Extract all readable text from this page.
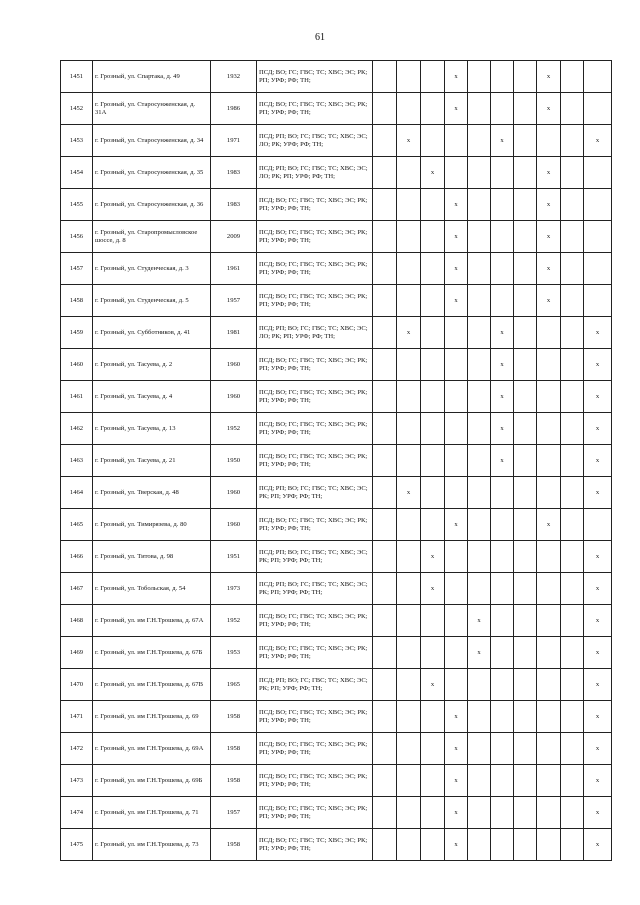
61
1451	г. Грозный, ул. Спартака, д. 49	1932	ПСД; ВО; ГС; ГВС; ТС; ХВС; ЭС; РК; РП; УРФ; РФ; ТН;				x				x		
1452	г. Грозный, ул. Старосунженская, д. 31А	1986	ПСД; ВО; ГС; ГВС; ТС; ХВС; ЭС; РК; РП; УРФ; РФ; ТН;				x				x		
1453	г. Грозный, ул. Старосунженская, д. 34	1971	ПСД; РП; ВО; ГС; ГВС; ТС; ХВС; ЭС; ЛО; РК; УРФ; РФ; ТН;		x				x				x
1454	г. Грозный, ул. Старосунженская, д. 35	1983	ПСД; РП; ВО; ГС; ГВС; ТС; ХВС; ЭС; ЛО; РК; РП; УРФ; РФ; ТН;			x					x		
1455	г. Грозный, ул. Старосунженская, д. 36	1983	ПСД; ВО; ГС; ГВС; ТС; ХВС; ЭС; РК; РП; УРФ; РФ; ТН;				x				x		
1456	г. Грозный, ул. Старопромысловское шоссе, д. 8	2009	ПСД; ВО; ГС; ГВС; ТС; ХВС; ЭС; РК; РП; УРФ; РФ; ТН;				x				x		
1457	г. Грозный, ул. Студенческая, д. 3	1961	ПСД; ВО; ГС; ГВС; ТС; ХВС; ЭС; РК; РП; УРФ; РФ; ТН;				x				x		
1458	г. Грозный, ул. Студенческая, д. 5	1957	ПСД; ВО; ГС; ГВС; ТС; ХВС; ЭС; РК; РП; УРФ; РФ; ТН;				x				x		
1459	г. Грозный, ул. Субботников, д. 41	1981	ПСД; РП; ВО; ГС; ГВС; ТС; ХВС; ЭС; ЛО; РК; РП; УРФ; РФ; ТН;		x				x				x
1460	г. Грозный, ул. Тасуева, д. 2	1960	ПСД; ВО; ГС; ГВС; ТС; ХВС; ЭС; РК; РП; УРФ; РФ; ТН;						x				x
1461	г. Грозный, ул. Тасуева, д. 4	1960	ПСД; ВО; ГС; ГВС; ТС; ХВС; ЭС; РК; РП; УРФ; РФ; ТН;						x				x
1462	г. Грозный, ул. Тасуева, д. 13	1952	ПСД; ВО; ГС; ГВС; ТС; ХВС; ЭС; РК; РП; УРФ; РФ; ТН;						x				x
1463	г. Грозный, ул. Тасуева, д. 21	1950	ПСД; ВО; ГС; ГВС; ТС; ХВС; ЭС; РК; РП; УРФ; РФ; ТН;						x				x
1464	г. Грозный, ул. Тверская, д. 48	1960	ПСД; РП; ВО; ГС; ГВС; ТС; ХВС; ЭС; РК; РП; УРФ; РФ; ТН;		x								x
1465	г. Грозный, ул. Тимирязева, д. 80	1960	ПСД; ВО; ГС; ГВС; ТС; ХВС; ЭС; РК; РП; УРФ; РФ; ТН;				x				x		
1466	г. Грозный, ул. Титова, д. 98	1951	ПСД; РП; ВО; ГС; ГВС; ТС; ХВС; ЭС; РК; РП; УРФ; РФ; ТН;			x							x
1467	г. Грозный, ул. Тобольская, д. 54	1973	ПСД; РП; ВО; ГС; ГВС; ТС; ХВС; ЭС; РК; РП; УРФ; РФ; ТН;			x							x
1468	г. Грозный, ул. им Г.Н.Трошева, д. 67А	1952	ПСД; ВО; ГС; ГВС; ТС; ХВС; ЭС; РК; РП; УРФ; РФ; ТН;					x					x
1469	г. Грозный, ул. им Г.Н.Трошева, д. 67Б	1953	ПСД; ВО; ГС; ГВС; ТС; ХВС; ЭС; РК; РП; УРФ; РФ; ТН;					x					x
1470	г. Грозный, ул. им Г.Н.Трошева, д. 67В	1965	ПСД; РП; ВО; ГС; ГВС; ТС; ХВС; ЭС; РК; РП; УРФ; РФ; ТН;			x							x
1471	г. Грозный, ул. им Г.Н.Трошева, д. 69	1958	ПСД; ВО; ГС; ГВС; ТС; ХВС; ЭС; РК; РП; УРФ; РФ; ТН;				x						x
1472	г. Грозный, ул. им Г.Н.Трошева, д. 69А	1958	ПСД; ВО; ГС; ГВС; ТС; ХВС; ЭС; РК; РП; УРФ; РФ; ТН;				x						x
1473	г. Грозный, ул. им Г.Н.Трошева, д. 69Б	1958	ПСД; ВО; ГС; ГВС; ТС; ХВС; ЭС; РК; РП; УРФ; РФ; ТН;				x						x
1474	г. Грозный, ул. им Г.Н.Трошева, д. 71	1957	ПСД; ВО; ГС; ГВС; ТС; ХВС; ЭС; РК; РП; УРФ; РФ; ТН;				x						x
1475	г. Грозный, ул. им Г.Н.Трошева, д. 73	1958	ПСД; ВО; ГС; ГВС; ТС; ХВС; ЭС; РК; РП; УРФ; РФ; ТН;				x						x
